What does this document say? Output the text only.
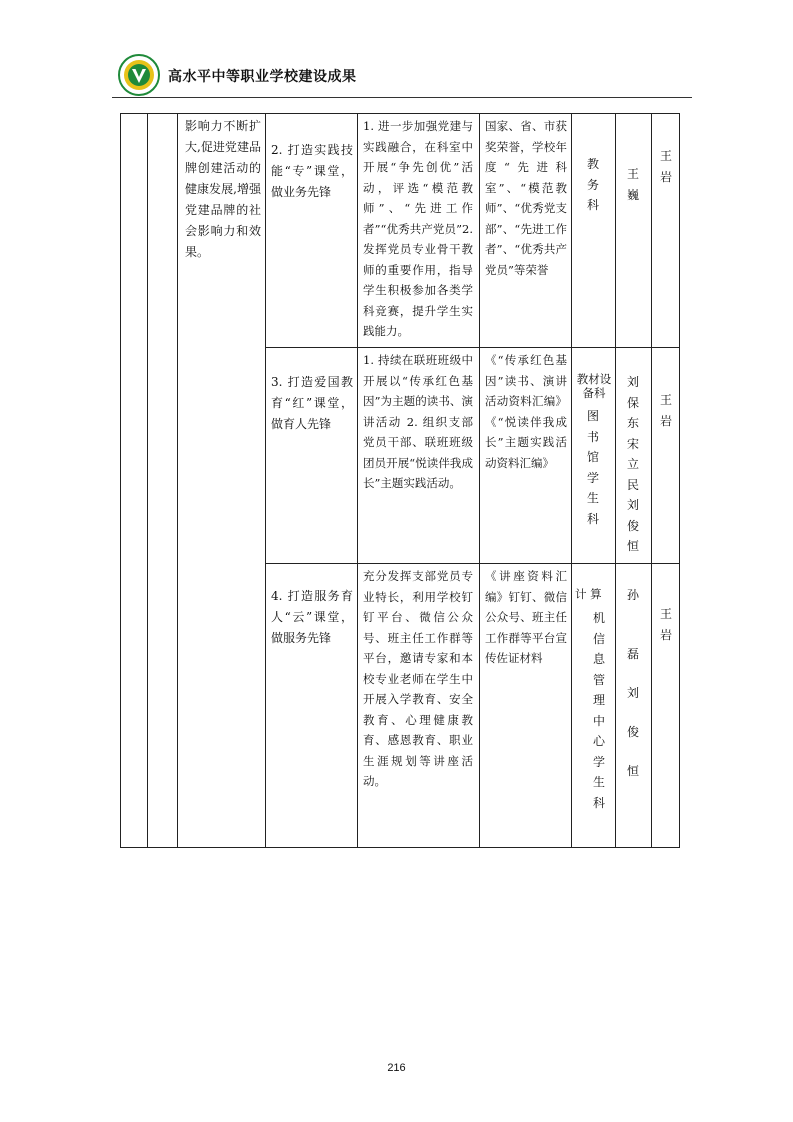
高水平中等职业学校建设成果
影响力不断扩大,促进党建品牌创建活动的健康发展,增强党建品牌的社会影响力和效果。
2. 打造实践技能“专”课堂，做业务先锋
1. 进一步加强党建与实践融合，在科室中开展“争先创优”活动，评选“模范教师”、“先进工作者”“优秀共产党员”2. 发挥党员专业骨干教师的重要作用，指导学生积极参加各类学科竞赛，提升学生实践能力。
国家、省、市获奖荣誉，学校年度“先进科室”、“模范教师”、“优秀党支部”、“先进工作者”、“优秀共产党员”等荣誉
教
务
科
王
巍
王
岩
3. 打造爱国教育“红”课堂，做育人先锋
1. 持续在联班班级中开展以“传承红色基因”为主题的读书、演讲活动 2. 组织支部党员干部、联班班级团员开展“悦读伴我成长”主题实践活动。
《“传承红色基因”读书、演讲活动资料汇编》《“悦读伴我成长”主题实践活动资料汇编》
教材设备科
图
书
馆
学
生
科
刘
保
东
宋
立
民
刘
俊
恒
王
岩
4. 打造服务育人“云”课堂，做服务先锋
充分发挥支部党员专业特长，利用学校钉钉平台、微信公众号、班主任工作群等平台，邀请专家和本校专业老师在学生中开展入学教育、安全教育、心理健康教育、感恩教育、职业生涯规划等讲座活动。
《讲座资料汇编》钉钉、微信公众号、班主任工作群等平台宣传佐证材料
计 算
机
信
息
管
理
中
心
学
生
科
孙

磊

刘

俊

恒
王
岩
216
